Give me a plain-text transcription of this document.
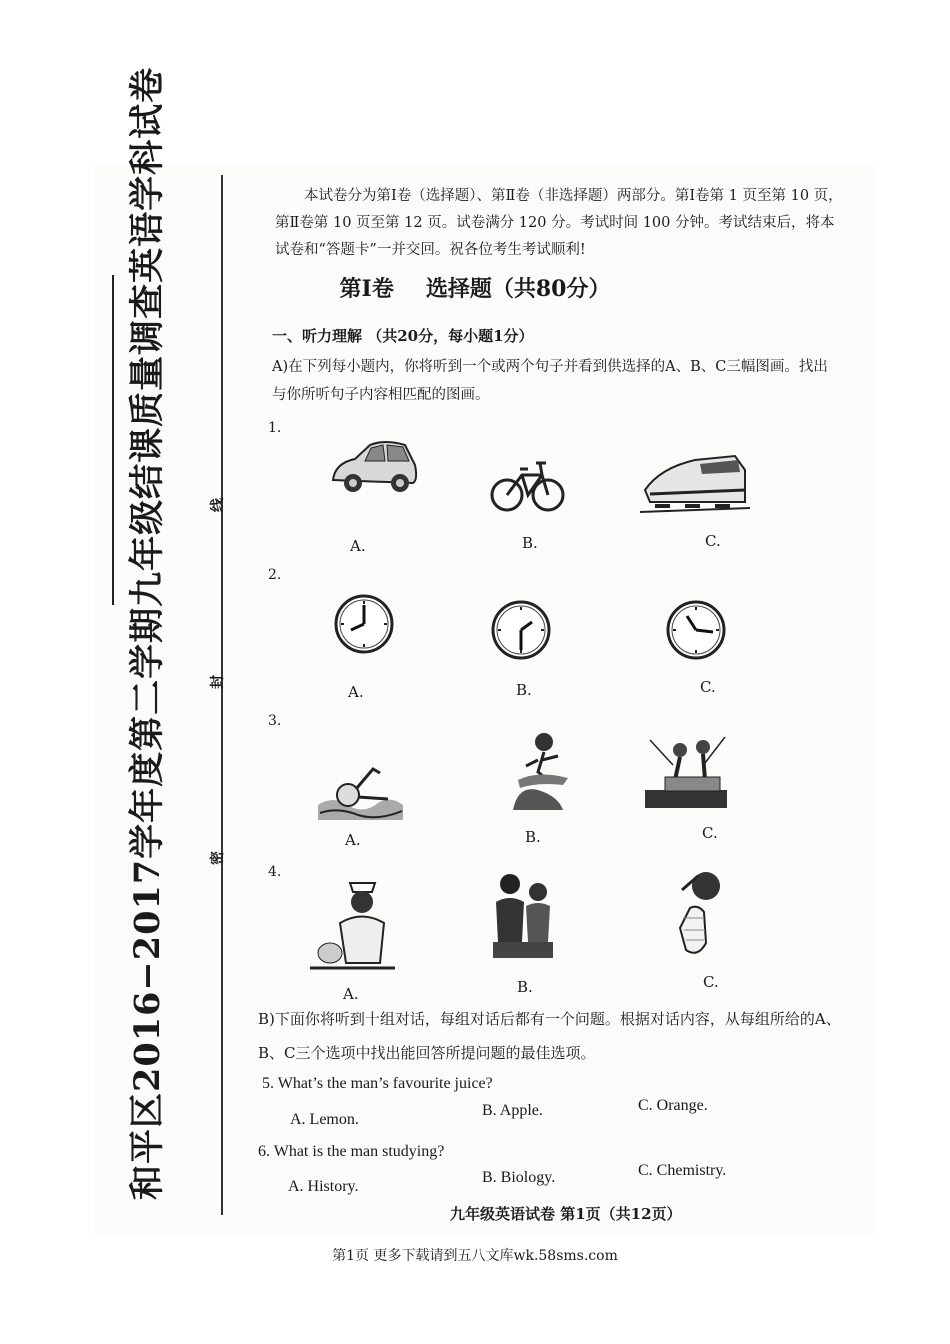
和平区2016−2017学年度第二学期九年级结课质量调查英语学科试卷	线
封
密
本试卷分为第Ⅰ卷（选择题）、第Ⅱ卷（非选择题）两部分。第Ⅰ卷第 1 页至第 10 页，第Ⅱ卷第 10 页至第 12 页。试卷满分 120 分。考试时间 100 分钟。考试结束后，将本试卷和“答题卡”一并交回。祝各位考生考试顺利!
第Ⅰ卷 选择题（共80分）
一、听力理解 （共20分，每小题1分）
A)在下列每小题内，你将听到一个或两个句子并看到供选择的A、B、C三幅图画。找出与你所听句子内容相匹配的图画。
1.
A.	B.	C.
2.
A.	B.	C.
3.
A.	B.	C.
4.
A.	B.	C.
B)下面你将听到十组对话，每组对话后都有一个问题。根据对话内容，从每组所给的A、B、C三个选项中找出能回答所提问题的最佳选项。
5. What’s the man’s favourite juice?
A. Lemon.
B. Apple.	C. Orange.
6. What is the man studying?
A. History.
B. Biology.	C. Chemistry.
九年级英语试卷 第1页（共12页）
第1页 更多下载请到五八文库wk.58sms.com
